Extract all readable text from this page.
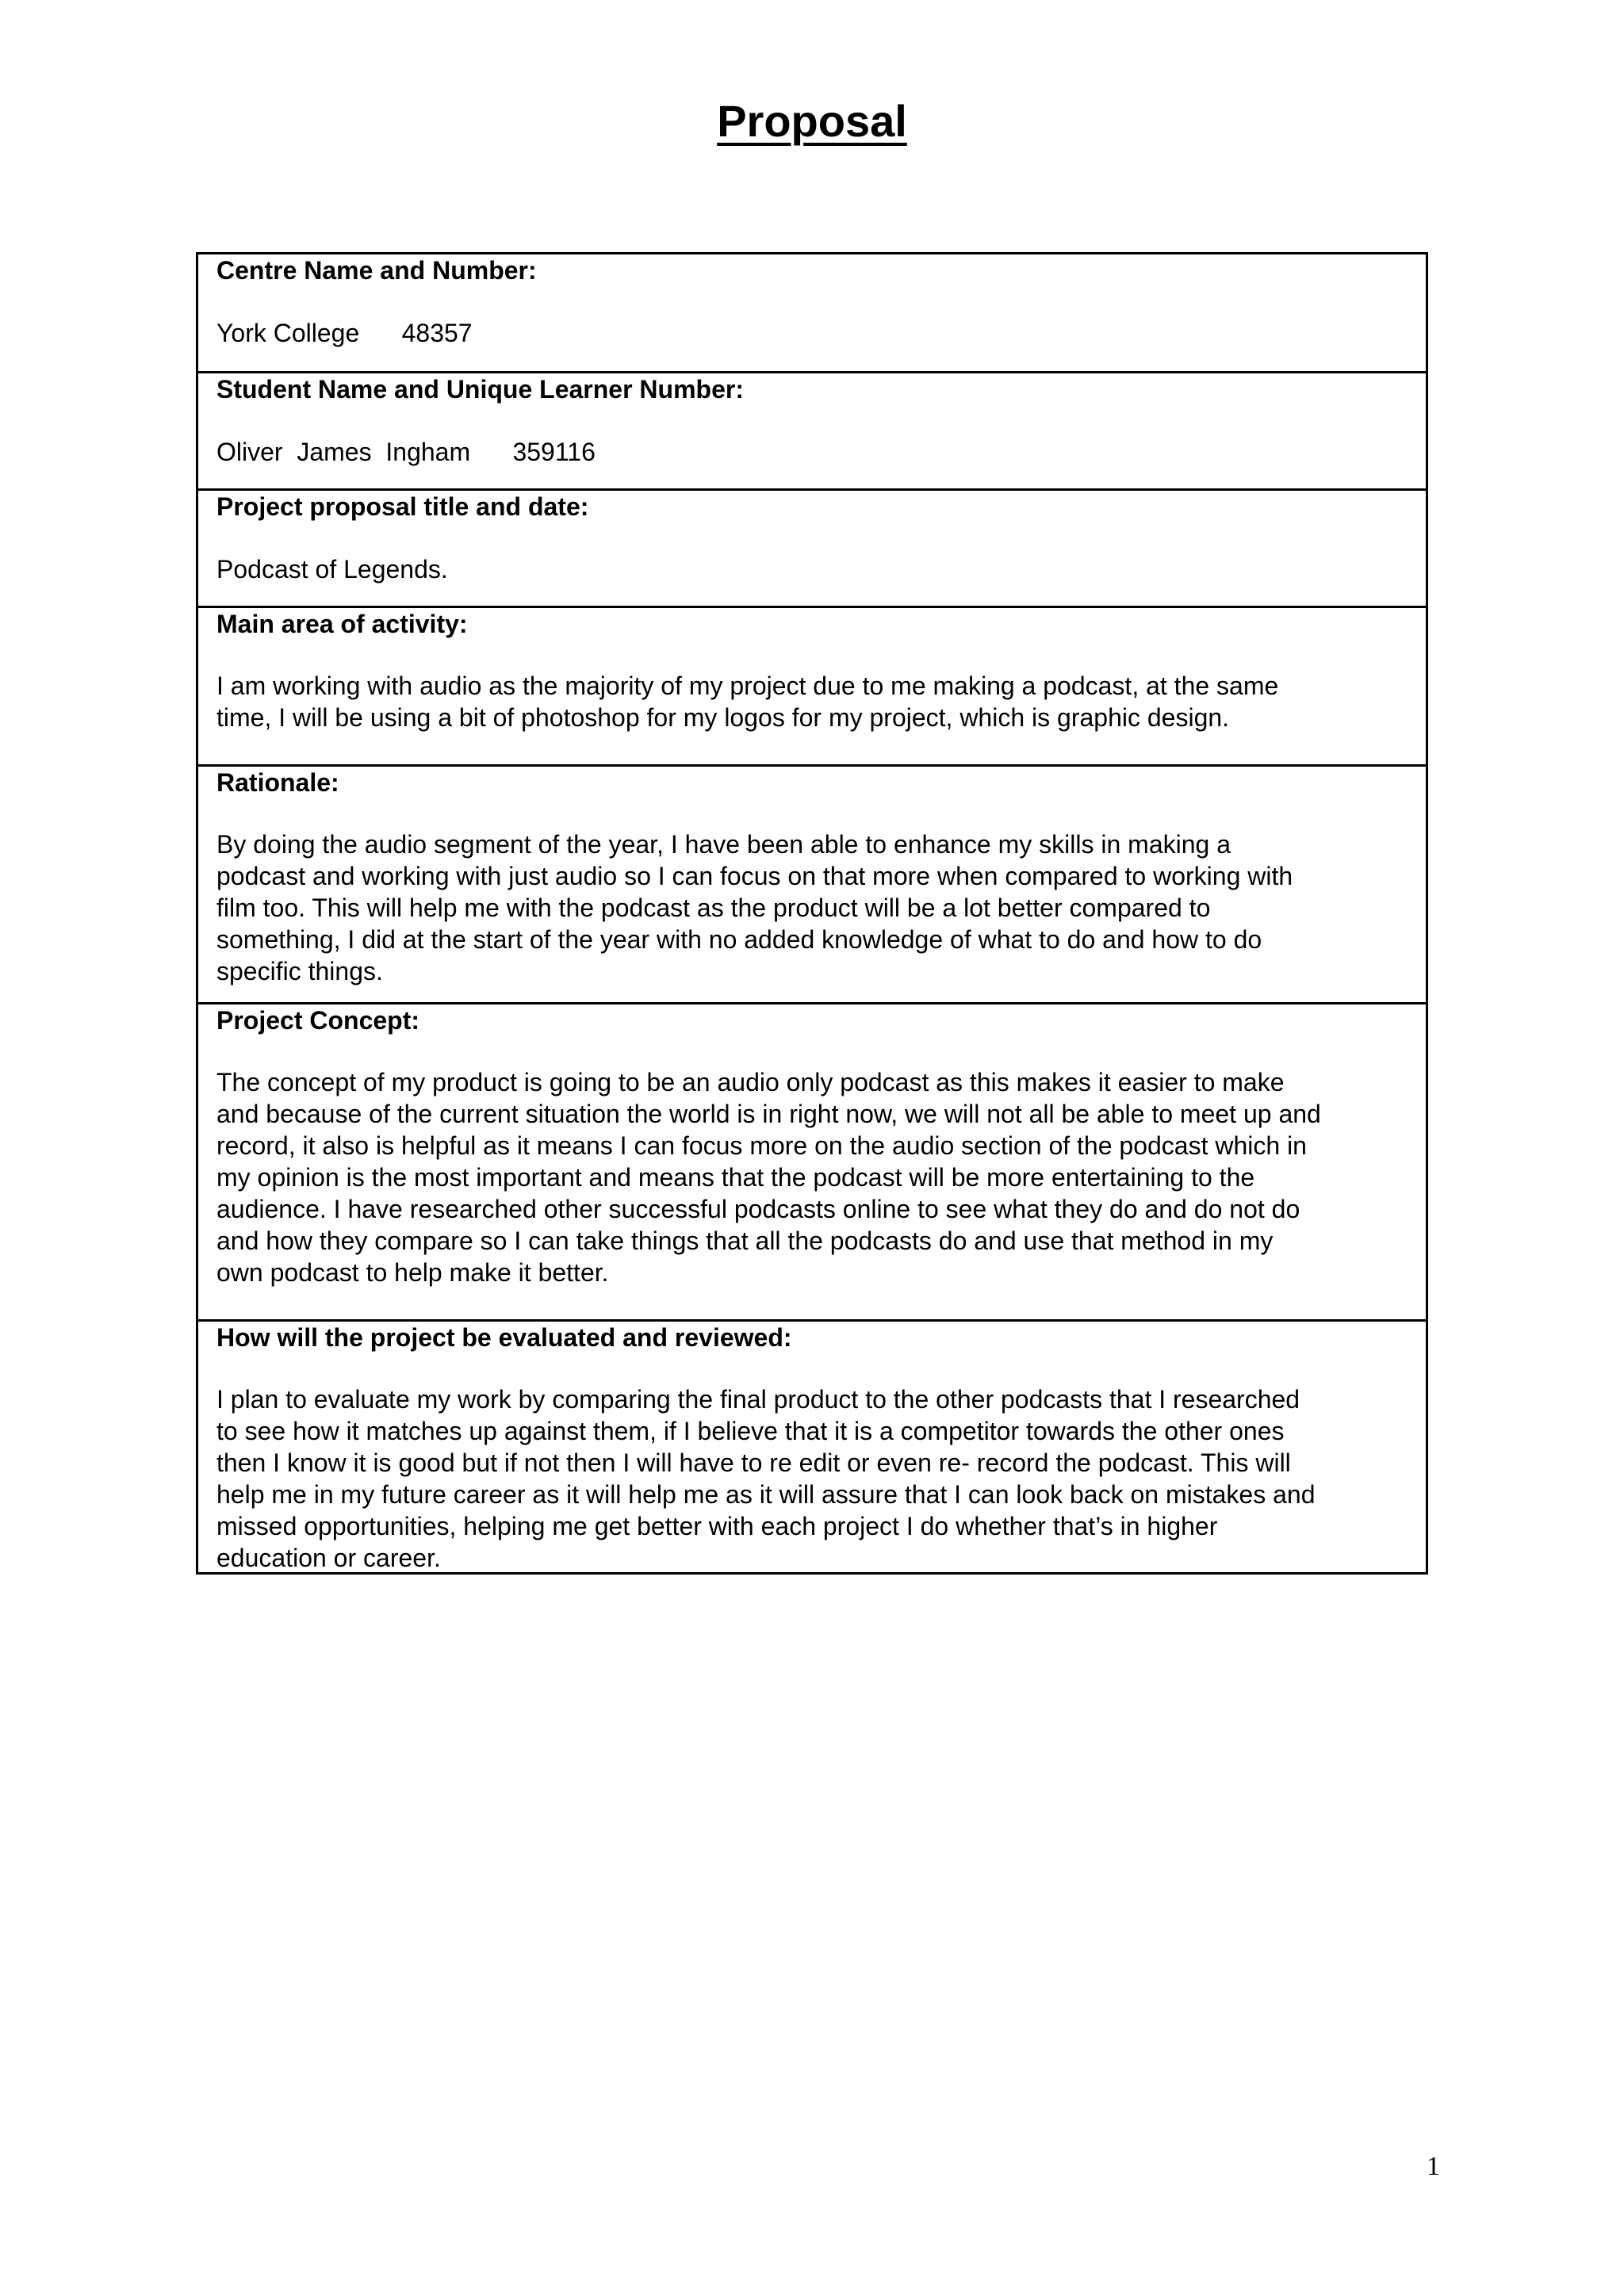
Proposal

Centre Name and Number:

York College      48357

Student Name and Unique Learner Number:

Oliver  James  Ingham      359116

Project proposal title and date:

Podcast of Legends.

Main area of activity:

I am working with audio as the majority of my project due to me making a podcast, at the same
time, I will be using a bit of photoshop for my logos for my project, which is graphic design.

Rationale:

By doing the audio segment of the year, I have been able to enhance my skills in making a
podcast and working with just audio so I can focus on that more when compared to working with
film too. This will help me with the podcast as the product will be a lot better compared to
something, I did at the start of the year with no added knowledge of what to do and how to do
specific things.

Project Concept:

The concept of my product is going to be an audio only podcast as this makes it easier to make
and because of the current situation the world is in right now, we will not all be able to meet up and
record, it also is helpful as it means I can focus more on the audio section of the podcast which in
my opinion is the most important and means that the podcast will be more entertaining to the
audience. I have researched other successful podcasts online to see what they do and do not do
and how they compare so I can take things that all the podcasts do and use that method in my
own podcast to help make it better.

How will the project be evaluated and reviewed:

I plan to evaluate my work by comparing the final product to the other podcasts that I researched
to see how it matches up against them, if I believe that it is a competitor towards the other ones
then I know it is good but if not then I will have to re edit or even re- record the podcast. This will
help me in my future career as it will help me as it will assure that I can look back on mistakes and
missed opportunities, helping me get better with each project I do whether that’s in higher
education or career.

1
